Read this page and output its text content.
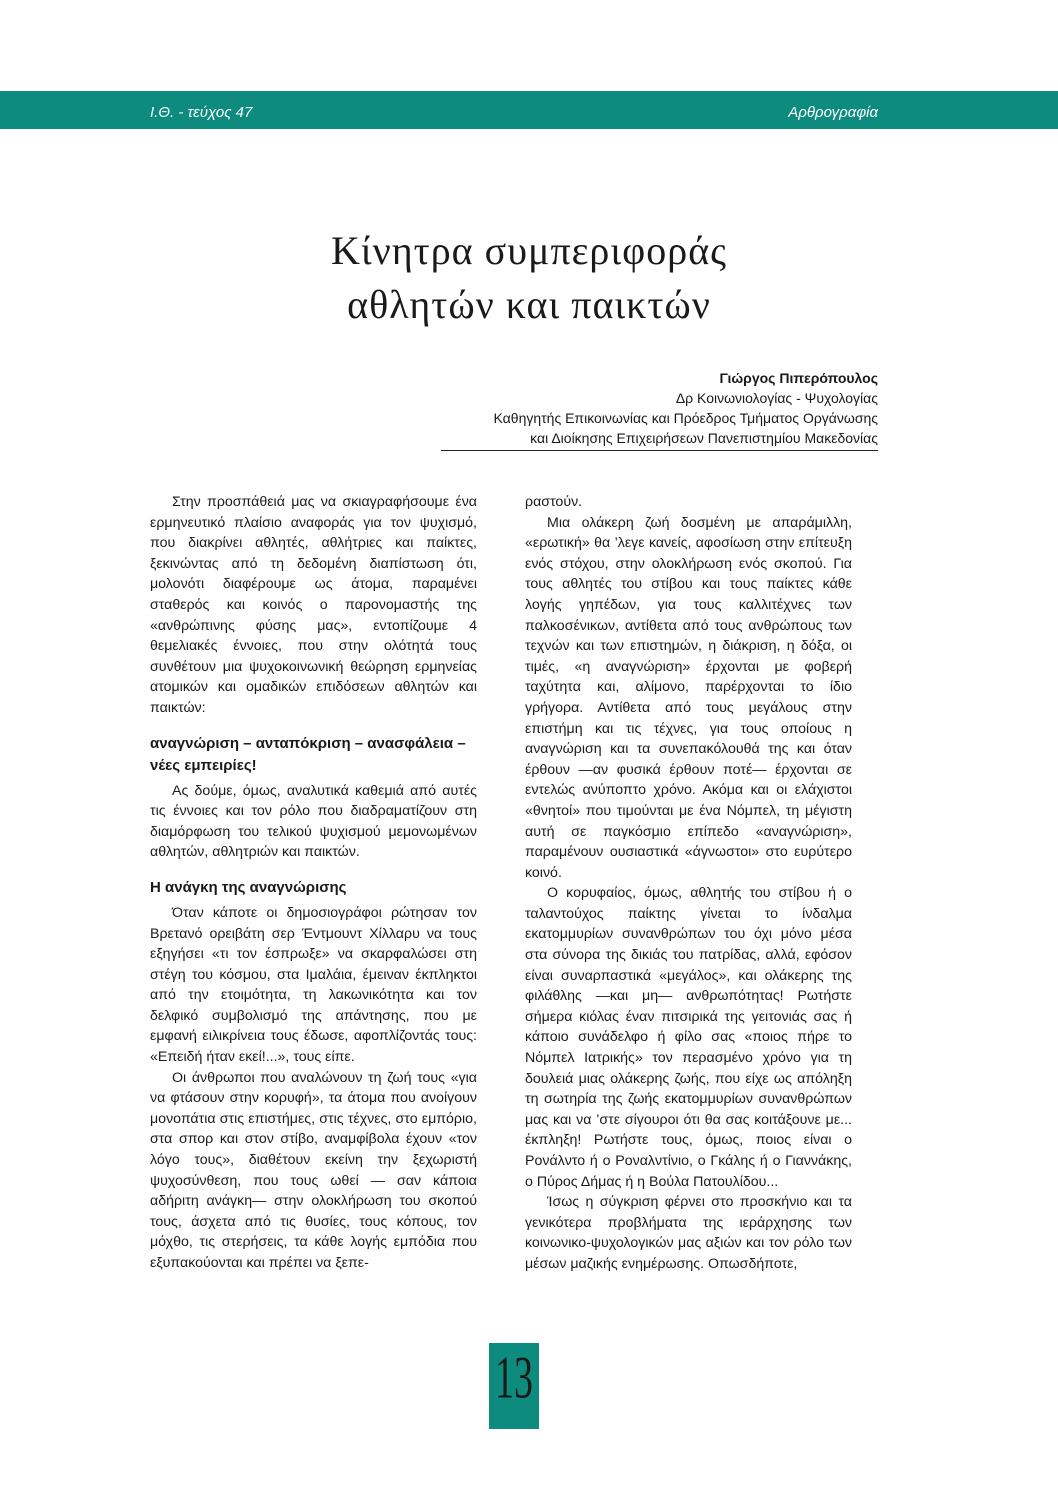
Ι.Θ. - τεύχος 47	Αρθρογραφία
Κίνητρα συμπεριφοράς
αθλητών και παικτών
Γιώργος Πιπερόπουλος
Δρ Κοινωνιολογίας - Ψυχολογίας
Καθηγητής Επικοινωνίας και Πρόεδρος Τμήματος Οργάνωσης
και Διοίκησης Επιχειρήσεων Πανεπιστημίου Μακεδονίας

Στην προσπάθειά μας να σκιαγραφήσουμε ένα ερμηνευτικό πλαίσιο αναφοράς για τον ψυχισμό, που διακρίνει αθλητές, αθλήτριες και παίκτες, ξεκινώντας από τη δεδομένη διαπίστωση ότι, μολονότι διαφέρουμε ως άτομα, παραμένει σταθερός και κοινός ο παρονομαστής της «ανθρώπινης φύσης μας», εντοπίζουμε 4 θεμελιακές έννοιες, που στην ολότητά τους συνθέτουν μια ψυχοκοινωνική θεώρηση ερμηνείας ατομικών και ομαδικών επιδόσεων αθλητών και παικτών:

αναγνώριση – ανταπόκριση – ανασφάλεια – νέες εμπειρίες!

Ας δούμε, όμως, αναλυτικά καθεμιά από αυτές τις έννοιες και τον ρόλο που διαδραματίζουν στη διαμόρφωση του τελικού ψυχισμού μεμονωμένων αθλητών, αθλητριών και παικτών.

Η ανάγκη της αναγνώρισης

Όταν κάποτε οι δημοσιογράφοι ρώτησαν τον Βρετανό ορειβάτη σερ Έντμουντ Χίλλαρυ να τους εξηγήσει «τι τον έσπρωξε» να σκαρφαλώσει στη στέγη του κόσμου, στα Ιμαλάια, έμειναν έκπληκτοι από την ετοιμότητα, τη λακωνικότητα και τον δελφικό συμβολισμό της απάντησης, που με εμφανή ειλικρίνεια τους έδωσε, αφοπλίζοντάς τους: «Επειδή ήταν εκεί!...», τους είπε.

Οι άνθρωποι που αναλώνουν τη ζωή τους «για να φτάσουν στην κορυφή», τα άτομα που ανοίγουν μονοπάτια στις επιστήμες, στις τέχνες, στο εμπόριο, στα σπορ και στον στίβο, αναμφίβολα έχουν «τον λόγο τους», διαθέτουν εκείνη την ξεχωριστή ψυχοσύνθεση, που τους ωθεί — σαν κάποια αδήριτη ανάγκη— στην ολοκλήρωση του σκοπού τους, άσχετα από τις θυσίες, τους κόπους, τον μόχθο, τις στερήσεις, τα κάθε λογής εμπόδια που εξυπακούονται και πρέπει να ξεπε-

ραστούν.

Μια ολάκερη ζωή δοσμένη με απαράμιλλη, «ερωτική» θα ’λεγε κανείς, αφοσίωση στην επίτευξη ενός στόχου, στην ολοκλήρωση ενός σκοπού. Για τους αθλητές του στίβου και τους παίκτες κάθε λογής γηπέδων, για τους καλλιτέχνες των παλκοσένικων, αντίθετα από τους ανθρώπους των τεχνών και των επιστημών, η διάκριση, η δόξα, οι τιμές, «η αναγνώριση» έρχονται με φοβερή ταχύτητα και, αλίμονο, παρέρχονται το ίδιο γρήγορα. Αντίθετα από τους μεγάλους στην επιστήμη και τις τέχνες, για τους οποίους η αναγνώριση και τα συνεπακόλουθά της και όταν έρθουν —αν φυσικά έρθουν ποτέ— έρχονται σε εντελώς ανύποπτο χρόνο. Ακόμα και οι ελάχιστοι «θνητοί» που τιμούνται με ένα Νόμπελ, τη μέγιστη αυτή σε παγκόσμιο επίπεδο «αναγνώριση», παραμένουν ουσιαστικά «άγνωστοι» στο ευρύτερο κοινό.

Ο κορυφαίος, όμως, αθλητής του στίβου ή ο ταλαντούχος παίκτης γίνεται το ίνδαλμα εκατομμυρίων συνανθρώπων του όχι μόνο μέσα στα σύνορα της δικιάς του πατρίδας, αλλά, εφόσον είναι συναρπαστικά «μεγάλος», και ολάκερης της φιλάθλης —και μη— ανθρωπότητας! Ρωτήστε σήμερα κιόλας έναν πιτσιρικά της γειτονιάς σας ή κάποιο συνάδελφο ή φίλο σας «ποιος πήρε το Νόμπελ Ιατρικής» τον περασμένο χρόνο για τη δουλειά μιας ολάκερης ζωής, που είχε ως απόληξη τη σωτηρία της ζωής εκατομμυρίων συνανθρώπων μας και να ’στε σίγουροι ότι θα σας κοιτάξουνε με... έκπληξη! Ρωτήστε τους, όμως, ποιος είναι ο Ρονάλντο ή ο Ροναλντίνιο, ο Γκάλης ή ο Γιαννάκης, ο Πύρος Δήμας ή η Βούλα Πατουλίδου...

Ίσως η σύγκριση φέρνει στο προσκήνιο και τα γενικότερα προβλήματα της ιεράρχησης των κοινωνικο-ψυχολογικών μας αξιών και τον ρόλο των μέσων μαζικής ενημέρωσης. Οπωσδήποτε,

13
